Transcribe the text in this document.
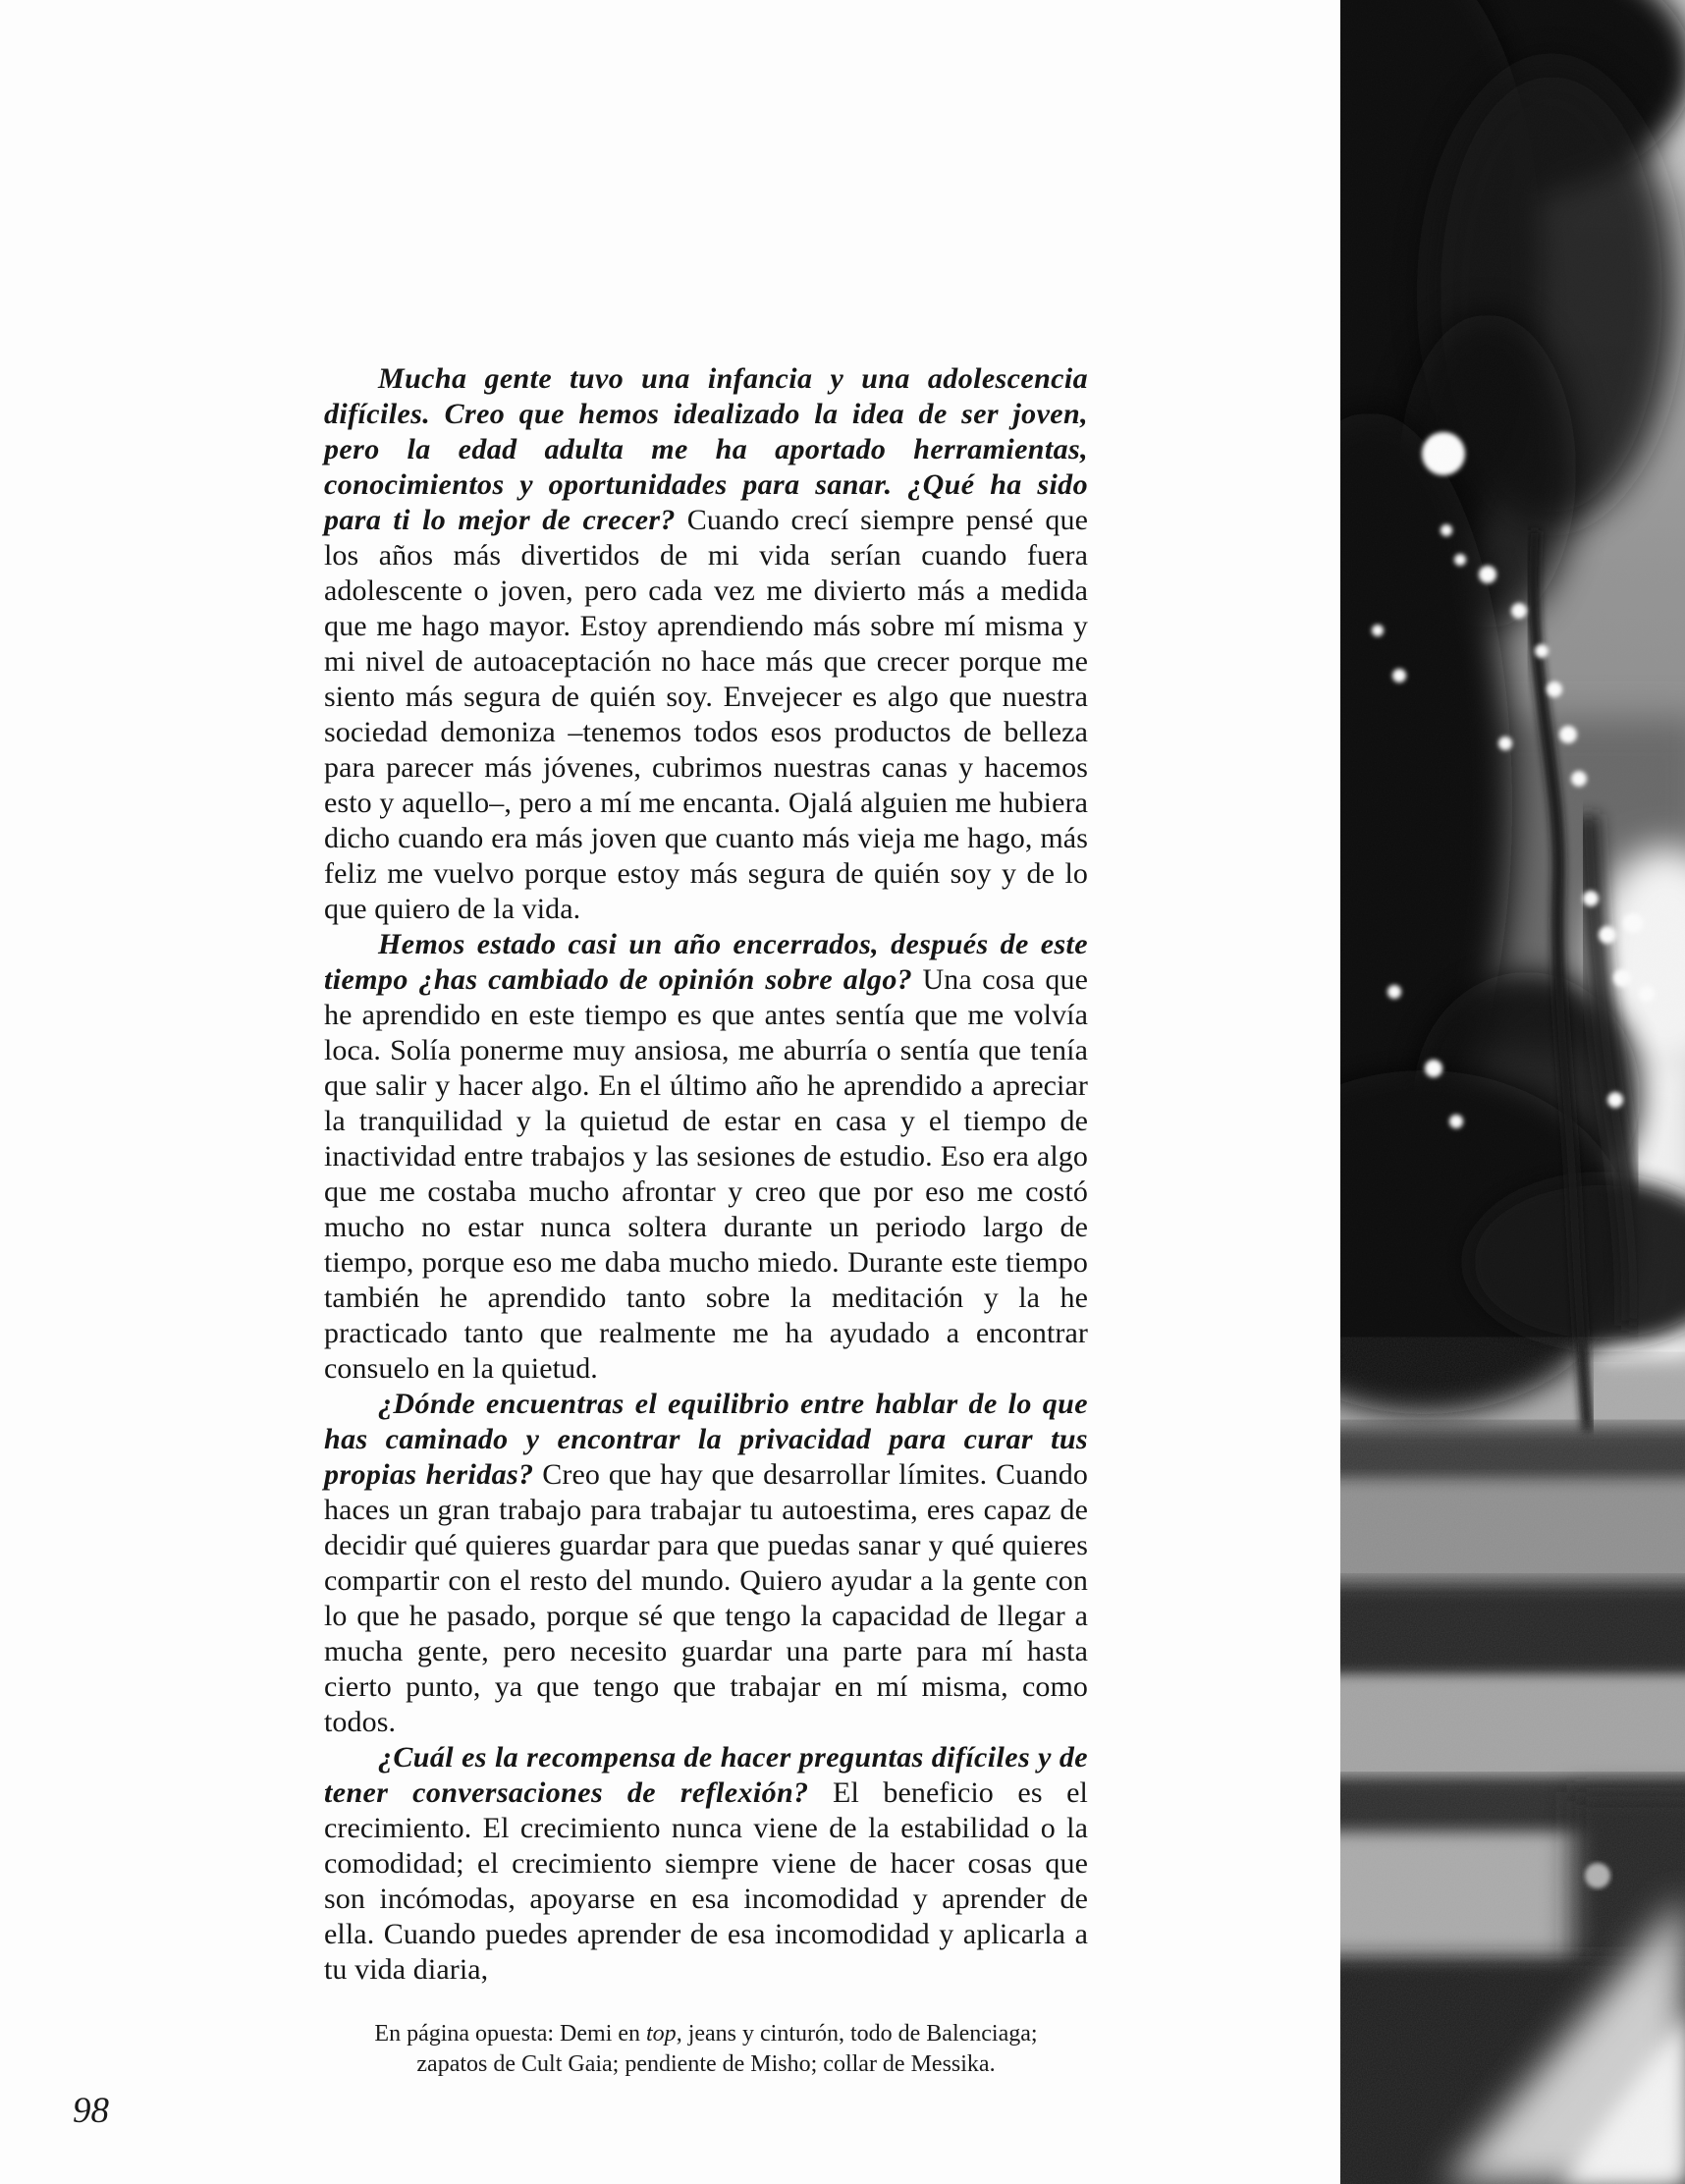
Mucha gente tuvo una infancia y una adolescencia difíciles. Creo que hemos idealizado la idea de ser joven, pero la edad adulta me ha aportado herramientas, conocimientos y oportunidades para sanar. ¿Qué ha sido para ti lo mejor de crecer? Cuando crecí siempre pensé que los años más divertidos de mi vida serían cuando fuera adolescente o joven, pero cada vez me divierto más a medida que me hago mayor. Estoy aprendiendo más sobre mí misma y mi nivel de autoaceptación no hace más que crecer porque me siento más segura de quién soy. Envejecer es algo que nuestra sociedad demoniza –tenemos todos esos productos de belleza para parecer más jóvenes, cubrimos nuestras canas y hacemos esto y aquello–, pero a mí me encanta. Ojalá alguien me hubiera dicho cuando era más joven que cuanto más vieja me hago, más feliz me vuelvo porque estoy más segura de quién soy y de lo que quiero de la vida.

Hemos estado casi un año encerrados, después de este tiempo ¿has cambiado de opinión sobre algo? Una cosa que he aprendido en este tiempo es que antes sentía que me volvía loca. Solía ponerme muy ansiosa, me aburría o sentía que tenía que salir y hacer algo. En el último año he aprendido a apreciar la tranquilidad y la quietud de estar en casa y el tiempo de inactividad entre trabajos y las sesiones de estudio. Eso era algo que me costaba mucho afrontar y creo que por eso me costó mucho no estar nunca soltera durante un periodo largo de tiempo, porque eso me daba mucho miedo. Durante este tiempo también he aprendido tanto sobre la meditación y la he practicado tanto que realmente me ha ayudado a encontrar consuelo en la quietud.

¿Dónde encuentras el equilibrio entre hablar de lo que has caminado y encontrar la privacidad para curar tus propias heridas? Creo que hay que desarrollar límites. Cuando haces un gran trabajo para trabajar tu autoestima, eres capaz de decidir qué quieres guardar para que puedas sanar y qué quieres compartir con el resto del mundo. Quiero ayudar a la gente con lo que he pasado, porque sé que tengo la capacidad de llegar a mucha gente, pero necesito guardar una parte para mí hasta cierto punto, ya que tengo que trabajar en mí misma, como todos.

¿Cuál es la recompensa de hacer preguntas difíciles y de tener conversaciones de reflexión? El beneficio es el crecimiento. El crecimiento nunca viene de la estabilidad o la comodidad; el crecimiento siempre viene de hacer cosas que son incómodas, apoyarse en esa incomodidad y aprender de ella. Cuando puedes aprender de esa incomodidad y aplicarla a tu vida diaria,

En página opuesta: Demi en top, jeans y cinturón, todo de Balenciaga;
zapatos de Cult Gaia; pendiente de Misho; collar de Messika.
98
